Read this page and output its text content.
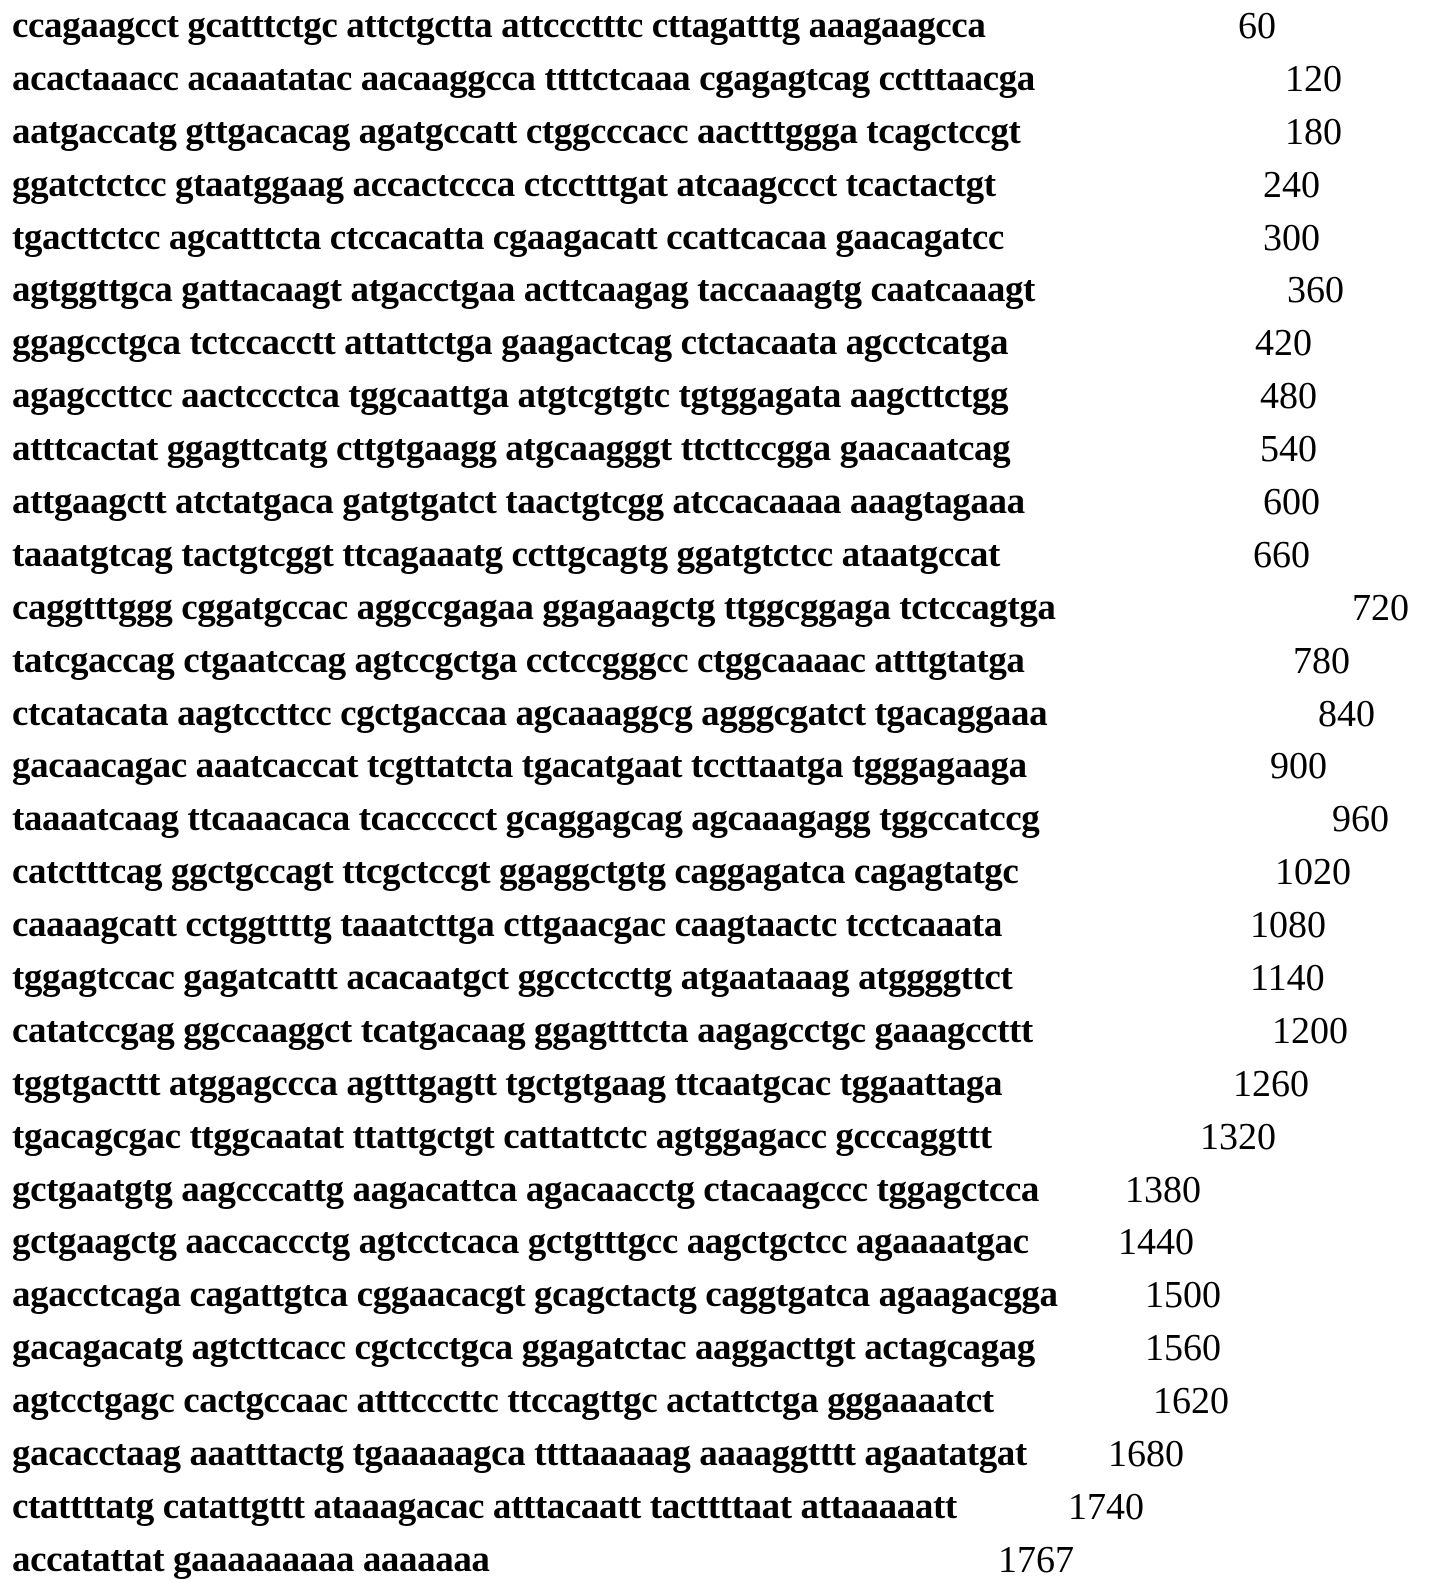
ccagaagcct gcatttctgc attctgctta attccctttc cttagatttg aaagaagcca	60
acactaaacc acaaatatac aacaaggcca ttttctcaaa cgagagtcag cctttaacga	120
aatgaccatg gttgacacag agatgccatt ctggcccacc aactttggga tcagctccgt	180
ggatctctcc gtaatggaag accactccca ctcctttgat atcaagccct tcactactgt	240
tgacttctcc agcatttcta ctccacatta cgaagacatt ccattcacaa gaacagatcc	300
agtggttgca gattacaagt atgacctgaa acttcaagag taccaaagtg caatcaaagt	360
ggagcctgca tctccacctt attattctga gaagactcag ctctacaata agcctcatga	420
agagccttcc aactccctca tggcaattga atgtcgtgtc tgtggagata aagcttctgg	480
atttcactat ggagttcatg cttgtgaagg atgcaagggt ttcttccgga gaacaatcag	540
attgaagctt atctatgaca gatgtgatct taactgtcgg atccacaaaa aaagtagaaa	600
taaatgtcag tactgtcggt ttcagaaatg ccttgcagtg ggatgtctcc ataatgccat	660
caggtttggg cggatgccac aggccgagaa ggagaagctg ttggcggaga tctccagtga	720
tatcgaccag ctgaatccag agtccgctga cctccgggcc ctggcaaaac atttgtatga	780
ctcatacata aagtccttcc cgctgaccaa agcaaaggcg agggcgatct tgacaggaaa	840
gacaacagac aaatcaccat tcgttatcta tgacatgaat tccttaatga tgggagaaga	900
taaaatcaag ttcaaacaca tcaccccct gcaggagcag agcaaagagg tggccatccg	960
catctttcag ggctgccagt ttcgctccgt ggaggctgtg caggagatca cagagtatgc	1020
caaaagcatt cctggttttg taaatcttga cttgaacgac caagtaactc tcctcaaata	1080
tggagtccac gagatcattt acacaatgct ggcctccttg atgaataaag atggggttct	1140
catatccgag ggccaaggct tcatgacaag ggagtttcta aagagcctgc gaaagccttt	1200
tggtgacttt atggagccca agtttgagtt tgctgtgaag ttcaatgcac tggaattaga	1260
tgacagcgac ttggcaatat ttattgctgt cattattctc agtggagacc gcccaggttt	1320
gctgaatgtg aagcccattg aagacattca agacaacctg ctacaagccc tggagctcca 1380
gctgaagctg aaccaccctg agtcctcaca gctgtttgcc aagctgctcc agaaaatgac 1440
agacctcaga cagattgtca cggaacacgt gcagctactg caggtgatca agaagacgga 1500
gacagacatg agtcttcacc cgctcctgca ggagatctac aaggacttgt actagcagag	1560
agtcctgagc cactgccaac atttcccttc ttccagttgc actattctga gggaaaatct	1620
gacacctaag aaatttactg tgaaaaagca ttttaaaaag aaaaggtttt agaatatgat 1680
ctattttatg catattgttt ataaagacac atttacaatt tacttttaat attaaaaatt	1740
accatattat gaaaaaaaaa aaaaaaa	1767
